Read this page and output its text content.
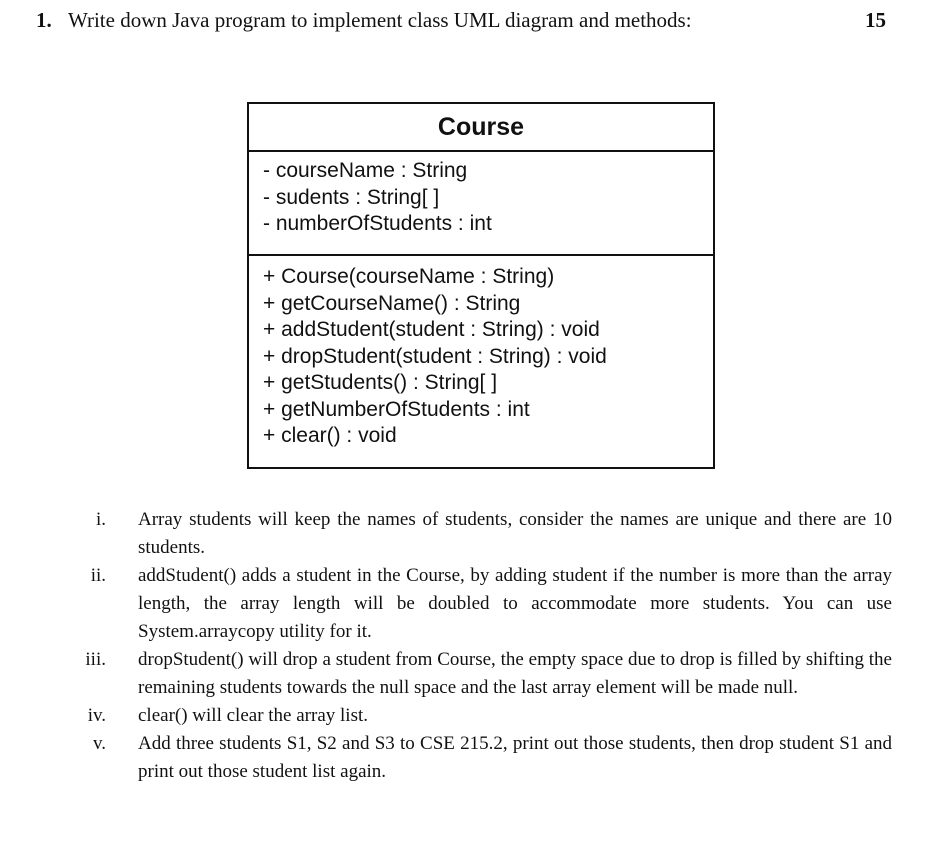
1. Write down Java program to implement class UML diagram and methods:	15
Course
- courseName : String
- sudents : String[ ]
- numberOfStudents : int
+ Course(courseName : String)
+ getCourseName() : String
+ addStudent(student : String) : void
+ dropStudent(student : String) : void
+ getStudents() : String[ ]
+ getNumberOfStudents : int
+ clear() : void
i. Array students will keep the names of students, consider the names are unique and there are 10 students.
ii. addStudent() adds a student in the Course, by adding student if the number is more than the array length, the array length will be doubled to accommodate more students. You can use System.arraycopy utility for it.
iii. dropStudent() will drop a student from Course, the empty space due to drop is filled by shifting the remaining students towards the null space and the last array element will be made null.
iv. clear() will clear the array list.
v. Add three students S1, S2 and S3 to CSE 215.2, print out those students, then drop student S1 and print out those student list again.
